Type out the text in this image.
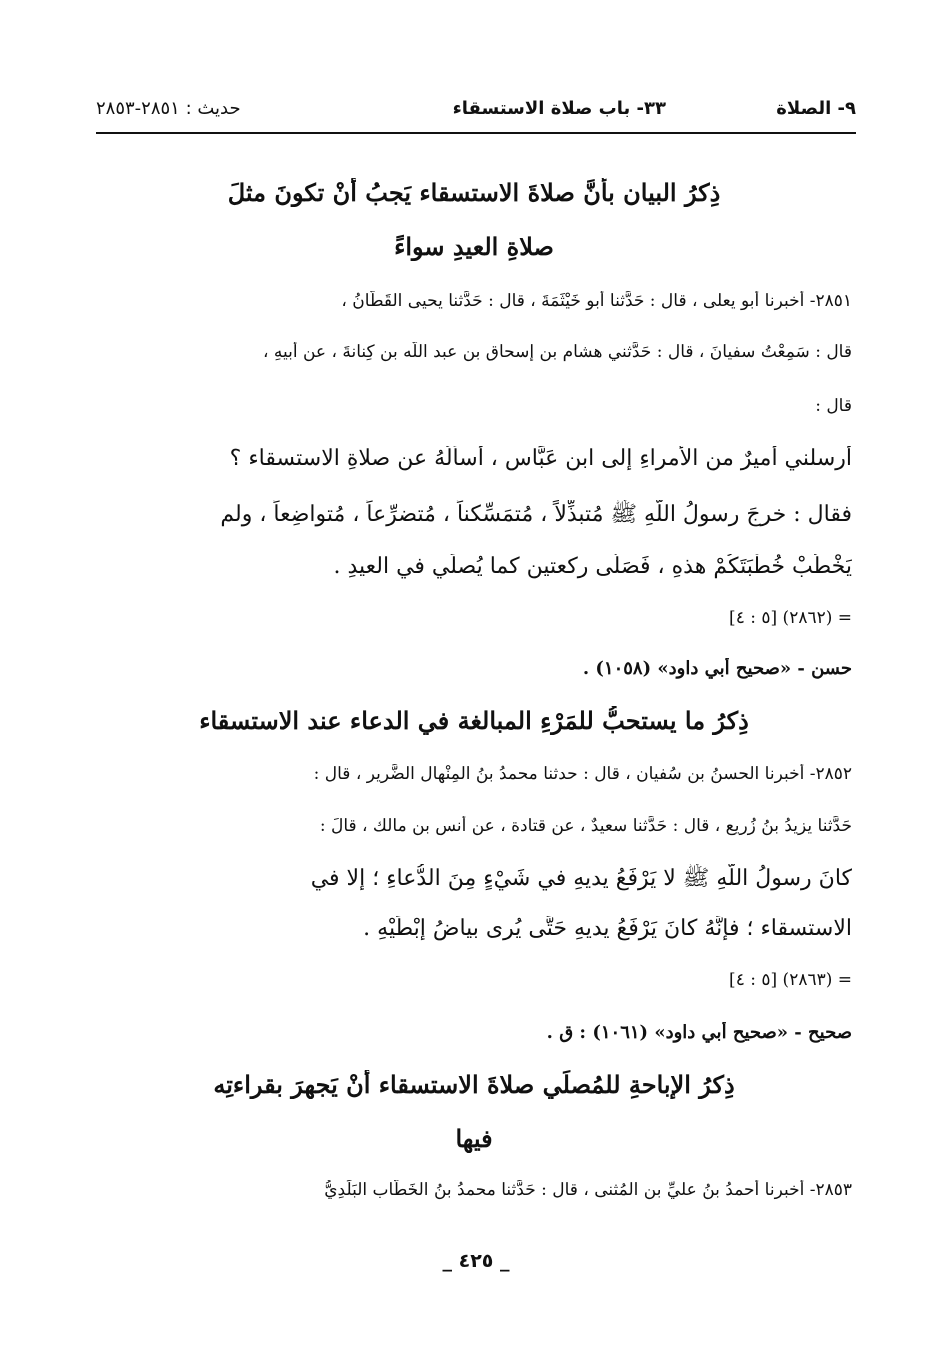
٩- الصلاة
٣٣- باب صلاة الاستسقاء
حديث : ٢٨٥١-٢٨٥٣
ذِكرُ البيان بأنَّ صلاةَ الاستسقاء يَجبُ أنْ تكونَ مثلَ
صلاةِ العيدِ سواءً
٢٨٥١- أخبرنا أبو يعلى ، قال : حَدَّثنا أبو خَيْثَمَةَ ، قال : حَدَّثنا يحيى القَطَّانُ ،
قال : سَمِعْتُ سفيانَ ، قال : حَدَّثني هشام بن إسحاق بن عبد اللّه بن كِنانةَ ، عن أبيهِ ،
قال :
أرسلني أميرٌ من الأُمراءِ إلى ابنِ عَبَّاس ، أسألُهُ عن صلاةِ الاستسقاء ؟
فقال : خرجَ رسولُ اللّهِ ﷺ مُتبذِّلاً ، مُتمَسِّكناً ، مُتضرِّعاً ، مُتواضِعاً ، ولم
يَخْطُبْ خُطْبَتَكُمْ هذهِ ، فَصَلَّى ركعتينِ كما يُصلِّي في العيدِ .
= (٢٨٦٢) [٥ : ٤]
حسن - «صحيح أبي داود» (١٠٥٨) .
ذِكرُ ما يستحبُّ للمَرْءِ المبالغة في الدعاء عند الاستسقاء
٢٨٥٢- أخبرنا الحسنُ بن سُفيان ، قال : حدثنا محمدُ بنُ المِنْهال الضَّرير ، قال :
حَدَّثنا يزيدُ بنُ زُريع ، قال : حَدَّثنا سعيدٌ ، عن قتادة ، عن أنس بن مالك ، قالَ :
كانَ رسولُ اللّهِ ﷺ لا يَرْفَعُ يديهِ في شَيْءٍ مِنَ الدُّعاءِ ؛ إلا في
الاستسقاء ؛ فإنَّهُ كانَ يَرْفَعُ يديهِ حَتَّى يُرى بياضُ إبْطَيْهِ .
= (٢٨٦٣) [٥ : ٤]
صحيح - «صحيح أبي داود» (١٠٦١) : ق .
ذِكرُ الإباحةِ للمُصلِّي صلاةَ الاستسقاء أنْ يَجهرَ بقراءتِه
فيها
٢٨٥٣- أخبرنا أحمدُ بنُ عليِّ بن المُثنى ، قال : حَدَّثنا محمدُ بنُ الخَطَّاب البَلَدِيُّ
_ ٤٢٥ _
